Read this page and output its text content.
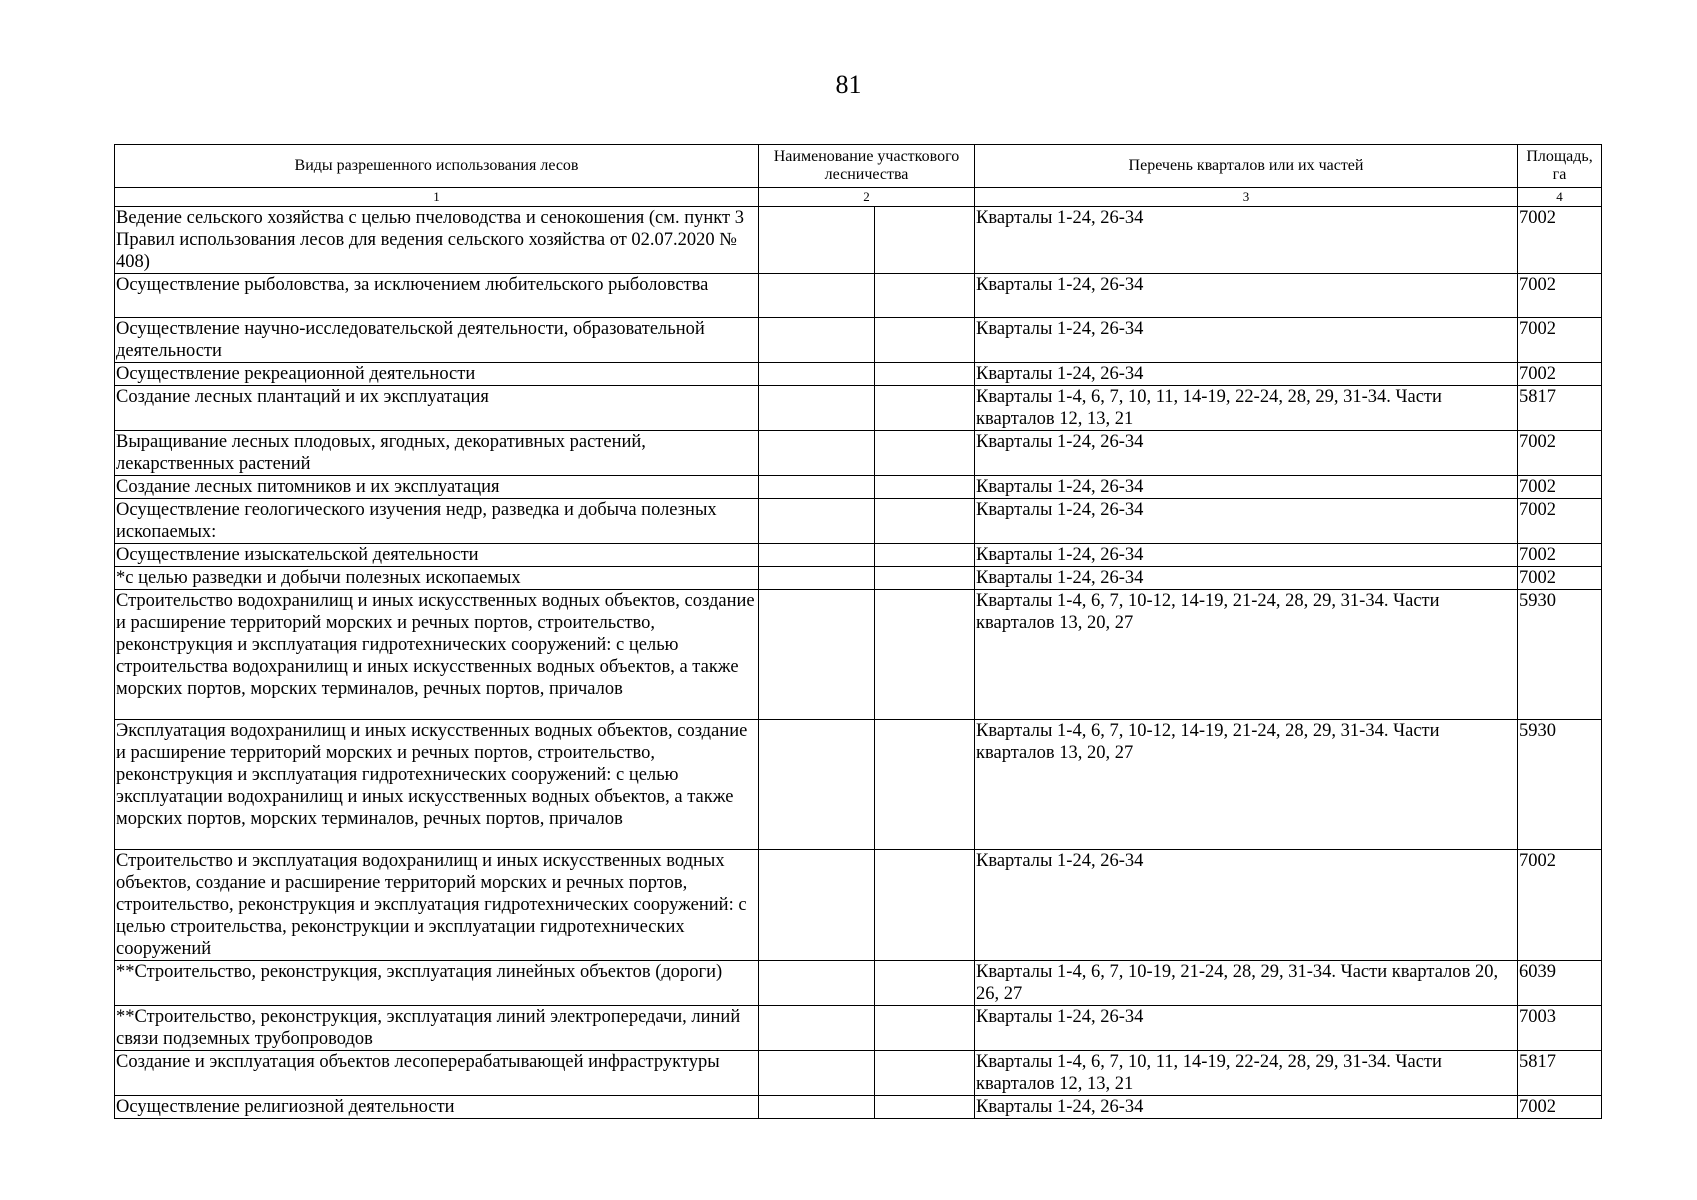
81
Виды разрешенного использования лесов	Наименование участкового лесничества		Перечень кварталов или их частей	Площадь, га
1	2		3	4
Ведение сельского хозяйства с целью пчеловодства и сенокошения (см. пункт 3 Правил использования лесов для ведения сельского хозяйства от 02.07.2020 № 408)			Кварталы 1-24, 26-34	7002
Осуществление рыболовства, за исключением любительского рыболовства			Кварталы 1-24, 26-34	7002
Осуществление научно-исследовательской деятельности, образовательной деятельности			Кварталы 1-24, 26-34	7002
Осуществление рекреационной деятельности			Кварталы 1-24, 26-34	7002
Создание лесных плантаций и их эксплуатация			Кварталы 1-4, 6, 7, 10, 11, 14-19, 22-24, 28, 29, 31-34. Части кварталов 12, 13, 21	5817
Выращивание лесных плодовых, ягодных, декоративных растений, лекарственных растений			Кварталы 1-24, 26-34	7002
Создание лесных питомников и их эксплуатация			Кварталы 1-24, 26-34	7002
Осуществление геологического изучения недр, разведка и добыча полезных ископаемых:			Кварталы 1-24, 26-34	7002
Осуществление изыскательской деятельности			Кварталы 1-24, 26-34	7002
*с целью разведки и добычи полезных ископаемых			Кварталы 1-24, 26-34	7002
Строительство водохранилищ и иных искусственных водных объектов, создание и расширение территорий морских и речных портов, строительство, реконструкция и эксплуатация гидротехнических сооружений: с целью строительства водохранилищ и иных искусственных водных объектов, а также морских портов, морских терминалов, речных портов, причалов			Кварталы 1-4, 6, 7, 10-12, 14-19, 21-24, 28, 29, 31-34. Части кварталов 13, 20, 27	5930
Эксплуатация водохранилищ и иных искусственных водных объектов, создание и расширение территорий морских и речных портов, строительство, реконструкция и эксплуатация гидротехнических сооружений: с целью эксплуатации водохранилищ и иных искусственных водных объектов, а также морских портов, морских терминалов, речных портов, причалов			Кварталы 1-4, 6, 7, 10-12, 14-19, 21-24, 28, 29, 31-34. Части кварталов 13, 20, 27	5930
Строительство и эксплуатация водохранилищ и иных искусственных водных объектов, создание и расширение территорий морских и речных портов, строительство, реконструкция и эксплуатация гидротехнических сооружений: с целью строительства, реконструкции и эксплуатации гидротехнических сооружений			Кварталы 1-24, 26-34	7002
**Строительство, реконструкция, эксплуатация линейных объектов (дороги)			Кварталы 1-4, 6, 7, 10-19, 21-24, 28, 29, 31-34. Части кварталов 20, 26, 27	6039
**Строительство, реконструкция, эксплуатация линий электропередачи, линий связи подземных трубопроводов			Кварталы 1-24, 26-34	7003
Создание и эксплуатация объектов лесоперерабатывающей инфраструктуры			Кварталы 1-4, 6, 7, 10, 11, 14-19, 22-24, 28, 29, 31-34. Части кварталов 12, 13, 21	5817
Осуществление религиозной деятельности			Кварталы 1-24, 26-34	7002
